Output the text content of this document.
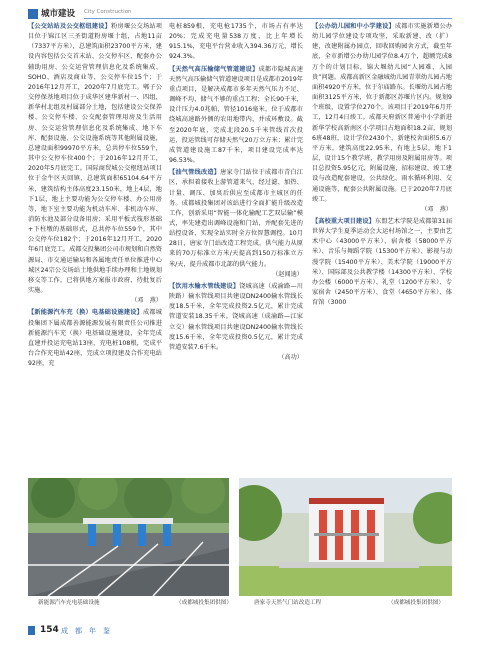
城市建设 City Construction
【公交站站及公交枢纽建设】粉房堰公交场站项目位于锦江区三圣街道粉房堰十组，占地11亩（7337平方米），总建筑面积23700平方米，建设内容包括公交首末站、公交停车区、配套办公辅助用房、公交运营管理信息化及系统集成、SOHO、酒店及商业等，公交停车位15个；于2016年12月开工，2020年7月底完工。郫子公交停保基地项目位于成华区建华新村一、四组，新华村北组及村属部分土地，包括建设公交保养楼、公交停车楼、公交配套管理用房及生活用房、公交运营管理信息化及系统集成、地下车库、配套设施、公交设施系统等其他附属设施，总建设面积99970平方米，总共停车位559个，其中公交停车位400个；于2016年12月开工，2020年5月底完工。国际商贸城公交枢纽站项目位于金牛区天回镇，总建筑面积65104.64平方米，建筑结构主体高度23.150米，地上4层，地下1层，地上主要功能为公交停车楼、办公用房等，地下室主要功能为机动车库、非机动车库、消防水池及部分设备用房；采用平板式筏形基础+下柱墩的基础形式，总共停车位559个，其中公交停车位182个；于2016年12月开工，2020年6月底完工。成都交投集团公司市规划和自然资源局、市交通运输局和各属地责任单位推进中心城区24宗公交场站土地供地手续办理和土地规划移交等工作，已将供地方案报市政府，待批复后实施。
（邓　燕）
【新能源汽车充（换）电基础设施建设】成都城投集团下属成都善源能源发展有限责任公司推进新能源汽车充（换）电基础设施建设，全年完成直建并投运充电站13座，充电桩108根，完成平台合作充电站42座，完成立项投建及合作充电站92座，充
电桩859根，充电枪1735个，市场占有率达20%；完成充电量538万度，比上年增长915.1%，充电平台营业收入394.36万元，增长924.3%。
【天然气高压输储气管道建设】成都市隐城高速天然气高压输储气管道建设项目是成都市2019年重点项目，是解决成都市多年天然气压力不足、调峰不均、储气不够的重点工程；全长90千米，设计压力4.0兆帕，管径1016毫米，位于成都市绕城高速路外侧的农用地带内，并成环敷设。截至2020年底，完成北段20.5千米管线首次投运，投运管线可存储天然气20万立方米；累计完成管道建设施工87千米，项目建设完成率达96.53%。
【油气管线改造】唐家寺门站位于成都市青白江区，承担着接收上游管道来气，经过滤、加热、计量、调压、加臭后供应至成都市主城区的任务。成都城投集团对该站进行全面扩能升级改造工作，创新采用“智能一体化输配工艺双层输”模式，率先建造出调峰设施和门站，并配套先进的站控设备，实现全站实时全方位智慧调控。10月28日，唐家寺门站改造工程完成，供气能力从原来的70万标准立方米/天提高到150万标准立方米/天，提升成都市北部的供气能力。
（赵闻迪）
【饮用水输水管线建设】饶城高速（成渝路—川陕路）输水管线项目共建设DN2400输水管线长度18.5千米，全年完成投资2.5亿元，累计完成管道安装18.35千米。饶城高速（成渝路—江家立交）输水管线项目共建设DN2400输水管线长度15.6千米，全年完成投资0.5亿元，累计完成管道安装7.6千米。
（高功）
【公办幼儿园和中小学建设】成都市实施新增公办幼儿园学位建设专项攻坚，采取新建、改（扩）建，改建附属办园点，回收回购园舍方式，截至年底，全市新增公办幼儿园学位8.4万个，超额完成8万个的计划目标，锦大堰幼儿园“人园难、入园贵”问题。成都高新区金融城幼儿园青翠幼儿园占地面积4920平方米，位于尔庙路东。长堰幼儿园占地面积3125平方米，位于新都区苏堰片区内。规划9个班级，设置学位270个。该项目于2019年6月开工，12月4日竣工。成都天府新区普通中小学新进新华学校高新南区小学项目占地面积18.2亩，规划6班48班，设计学位2430个，新建校舍面积5.6万平方米，建筑高度22.95米，有地上5层，地下1层，设计15个教学班，教学用房及附属用房等。项目总投资5.95亿元，附属设施，招标建设、竣工建设与改造配套建设，公共绿化、雨水循环利用、交通设施等，配套公共附属设施。已于2020年7月底竣工。
（邓　燕）
【高校重大项目建设】东盟艺术学院是成都第31届世界大学生夏季运动会大运村场馆之一，主要由艺术中心（43000平方米）、宿舍楼（58000平方米）、音乐与舞蹈学院（15300平方米）、影视与动漫学院（15400平方米）、美术学院（19000平方米）、国际部及公共教学楼（14300平方米）、学校办公楼（6000平方米）、礼堂（1200平方米）、专家宿舍（2450平方米）、食堂（4650平方米）、体育馆（3000
新能源汽车充电基础设施	（成都城投集团供图）	唐家寺天然气门站改造工程	（成都城投集团供图）
154 成　都　年　鉴
